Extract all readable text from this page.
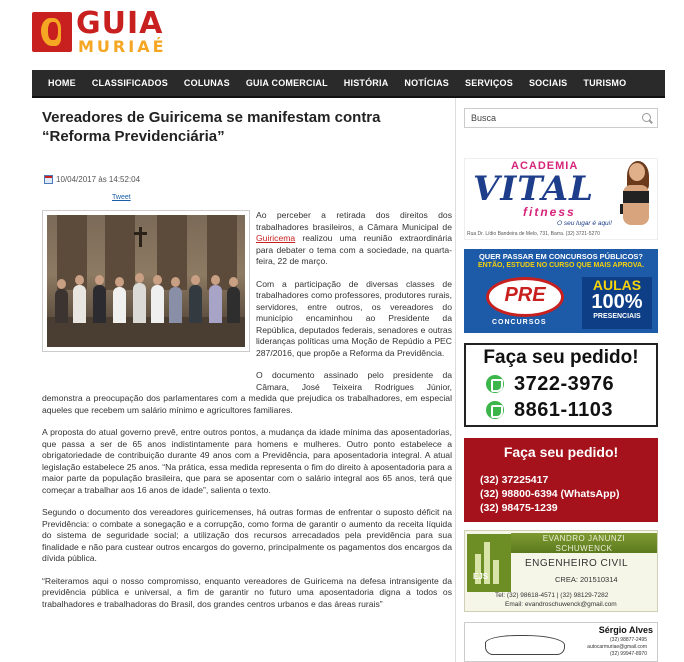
GUIA
MURIAÉ
HOME	CLASSIFICADOS	COLUNAS	GUIA COMERCIAL	HISTÓRIA	NOTÍCIAS	SERVIÇOS	SOCIAIS	TURISMO
Vereadores de Guiricema se manifestam contra “Reforma Previdenciária”
10/04/2017 às 14:52:04
Tweet

Ao perceber a retirada dos direitos dos trabalhadores brasileiros, a Câmara Municipal de Guiricema realizou uma reunião extraordinária para debater o tema com a sociedade, na quarta-feira, 22 de março.

Com a participação de diversas classes de trabalhadores como professores, produtores rurais, servidores, entre outros, os vereadores do município encaminhou ao Presidente da República, deputados federais, senadores e outras lideranças políticas uma Moção de Repúdio a PEC 287/2016, que propõe a Reforma da Previdência.

O documento assinado pelo presidente da Câmara, José Teixeira Rodrigues Júnior, demonstra a preocupação dos parlamentares com a medida que prejudica os trabalhadores, em especial aqueles que recebem um salário mínimo e agricultores familiares.

A proposta do atual governo prevê, entre outros pontos, a mudança da idade mínima das aposentadorias, que passa a ser de 65 anos indistintamente para homens e mulheres. Outro ponto estabelece a obrigatoriedade de contribuição durante 49 anos com a Previdência, para aposentadoria integral. A atual legislação estabelece 25 anos. “Na prática, essa medida representa o fim do direito à aposentadoria para a maior parte da população brasileira, que para se aposentar com o salário integral aos 65 anos, terá que começar a trabalhar aos 16 anos de idade”, salienta o texto.

Segundo o documento dos vereadores guiricemenses, há outras formas de enfrentar o suposto déficit na Previdência: o combate a sonegação e a corrupção, como forma de garantir o aumento da receita líquida do sistema de seguridade social; a utilização dos recursos arrecadados pela previdência para sua finalidade e não para custear outros encargos do governo, principalmente os pagamentos dos encargos da dívida pública.

“Reiteramos aqui o nosso compromisso, enquanto vereadores de Guiricema na defesa intransigente da previdência pública e universal, a fim de garantir no futuro uma aposentadoria digna a todos os trabalhadores e trabalhadoras do Brasil, dos grandes centros urbanos e das áreas rurais”

Busca
ACADEMIA
VITAL
fitness
O seu lugar é aqui!
Rua Dr. Lídio Bandeira de Melo, 731, Barra. (32) 3721-5270
QUER PASSAR EM CONCURSOS PÚBLICOS?
ENTÃO, ESTUDE NO CURSO QUE MAIS APROVA.
PRE
CONCURSOS
AULAS
100%
PRESENCIAIS
Faça seu pedido!
3722-3976
8861-1103
Faça seu pedido!
(32) 37225417
(32) 98800-6394 (WhatsApp)
(32) 98475-1239
EJS
EVANDRO JANUNZI
SCHUWENCK
ENGENHEIRO CIVIL
CREA: 201510314
Tel: (32) 98618-4571 | (32) 98129-7282
Email: evandroschuwenck@gmail.com
Sérgio Alves
(32) 98877-2495
autocarmuriae@gmail.com
(32) 99947-8970
